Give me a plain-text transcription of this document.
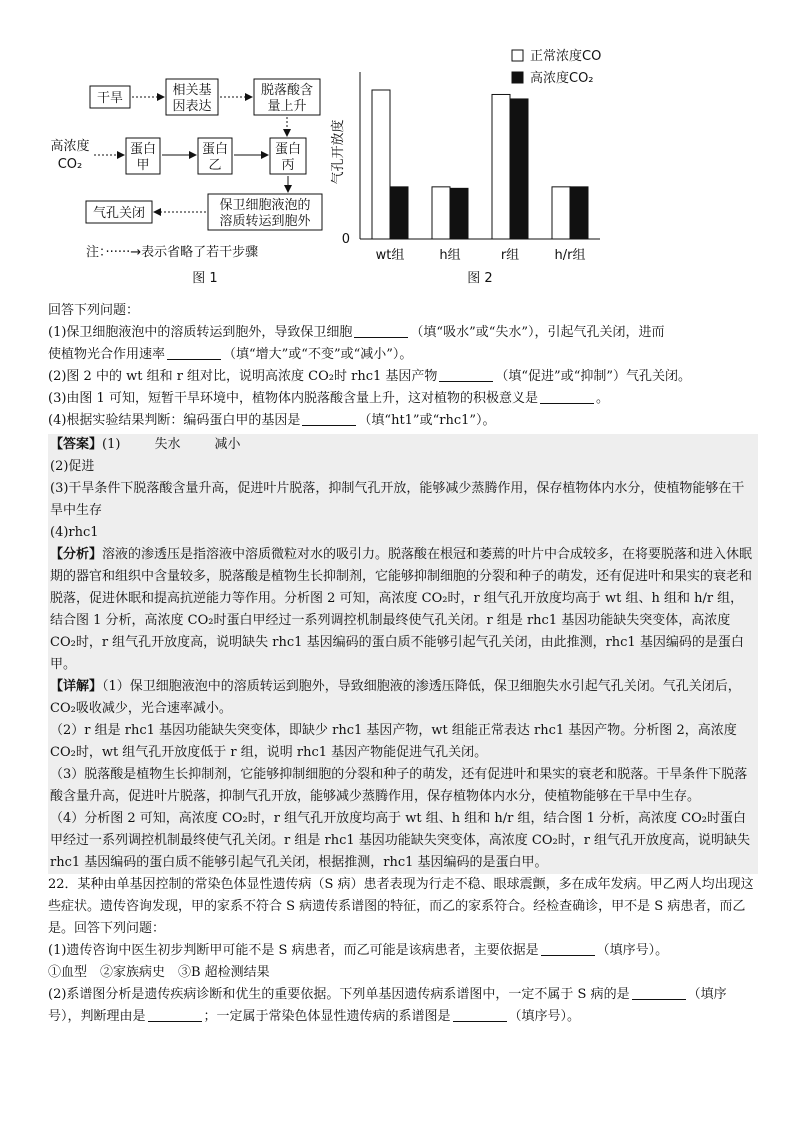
干旱
相关基
因表达
脱落酸含
量上升
高浓度
CO₂
蛋白
甲
蛋白
乙
蛋白
丙
保卫细胞液泡的
溶质转运到胞外
气孔关闭
注：······→表示省略了若干步骤
图 1
0
气孔开放度
正常浓度CO
高浓度CO₂
图 2
wt组	h组	r组	h/r组

回答下列问题：

(1)保卫细胞液泡中的溶质转运到胞外，导致保卫细胞	（填“吸水”或“失水”），引起气孔关闭，进而
使植物光合作用速率	（填“增大”或“不变”或“减小”）。

(2)图 2 中的 wt 组和 r 组对比，说明高浓度 CO₂时 rhc1 基因产物	（填“促进”或“抑制”）气孔关闭。

(3)由图 1 可知，短暂干旱环境中，植物体内脱落酸含量上升，这对植物的积极意义是	。

(4)根据实验结果判断：编码蛋白甲的基因是	（填“ht1”或“rhc1”）。

【答案】(1)	失水	减小

(2)促进

(3)干旱条件下脱落酸含量升高，促进叶片脱落，抑制气孔开放，能够减少蒸腾作用，保存植物体内水分，使植物能够在干旱中生存

(4)rhc1

【分析】溶液的渗透压是指溶液中溶质微粒对水的吸引力。脱落酸在根冠和萎蔫的叶片中合成较多，在将要脱落和进入休眠期的器官和组织中含量较多，脱落酸是植物生长抑制剂，它能够抑制细胞的分裂和种子的萌发，还有促进叶和果实的衰老和脱落，促进休眠和提高抗逆能力等作用。分析图 2 可知，高浓度 CO₂时，r 组气孔开放度均高于 wt 组、h 组和 h/r 组，结合图 1 分析，高浓度 CO₂时蛋白甲经过一系列调控机制最终使气孔关闭。r 组是 rhc1 基因功能缺失突变体，高浓度 CO₂时，r 组气孔开放度高，说明缺失 rhc1 基因编码的蛋白质不能够引起气孔关闭，由此推测，rhc1 基因编码的是蛋白甲。

【详解】（1）保卫细胞液泡中的溶质转运到胞外，导致细胞液的渗透压降低，保卫细胞失水引起气孔关闭。气孔关闭后，CO₂吸收减少，光合速率减小。

（2）r 组是 rhc1 基因功能缺失突变体，即缺少 rhc1 基因产物，wt 组能正常表达 rhc1 基因产物。分析图 2，高浓度 CO₂时，wt 组气孔开放度低于 r 组，说明 rhc1 基因产物能促进气孔关闭。

（3）脱落酸是植物生长抑制剂，它能够抑制细胞的分裂和种子的萌发，还有促进叶和果实的衰老和脱落。干旱条件下脱落酸含量升高，促进叶片脱落，抑制气孔开放，能够减少蒸腾作用，保存植物体内水分，使植物能够在干旱中生存。

（4）分析图 2 可知，高浓度 CO₂时，r 组气孔开放度均高于 wt 组、h 组和 h/r 组，结合图 1 分析，高浓度 CO₂时蛋白甲经过一系列调控机制最终使气孔关闭。r 组是 rhc1 基因功能缺失突变体，高浓度 CO₂时，r 组气孔开放度高，说明缺失 rhc1 基因编码的蛋白质不能够引起气孔关闭，根据推测，rhc1 基因编码的是蛋白甲。

22．某种由单基因控制的常染色体显性遗传病（S 病）患者表现为行走不稳、眼球震颤，多在成年发病。甲乙两人均出现这些症状。遗传咨询发现，甲的家系不符合 S 病遗传系谱图的特征，而乙的家系符合。经检查确诊，甲不是 S 病患者，而乙是。回答下列问题：

(1)遗传咨询中医生初步判断甲可能不是 S 病患者，而乙可能是该病患者，主要依据是	（填序号）。

①血型　②家族病史　③B 超检测结果

(2)系谱图分析是遗传疾病诊断和优生的重要依据。下列单基因遗传病系谱图中，一定不属于 S 病的是	（填序号），判断理由是	；一定属于常染色体显性遗传病的系谱图是	（填序号）。
